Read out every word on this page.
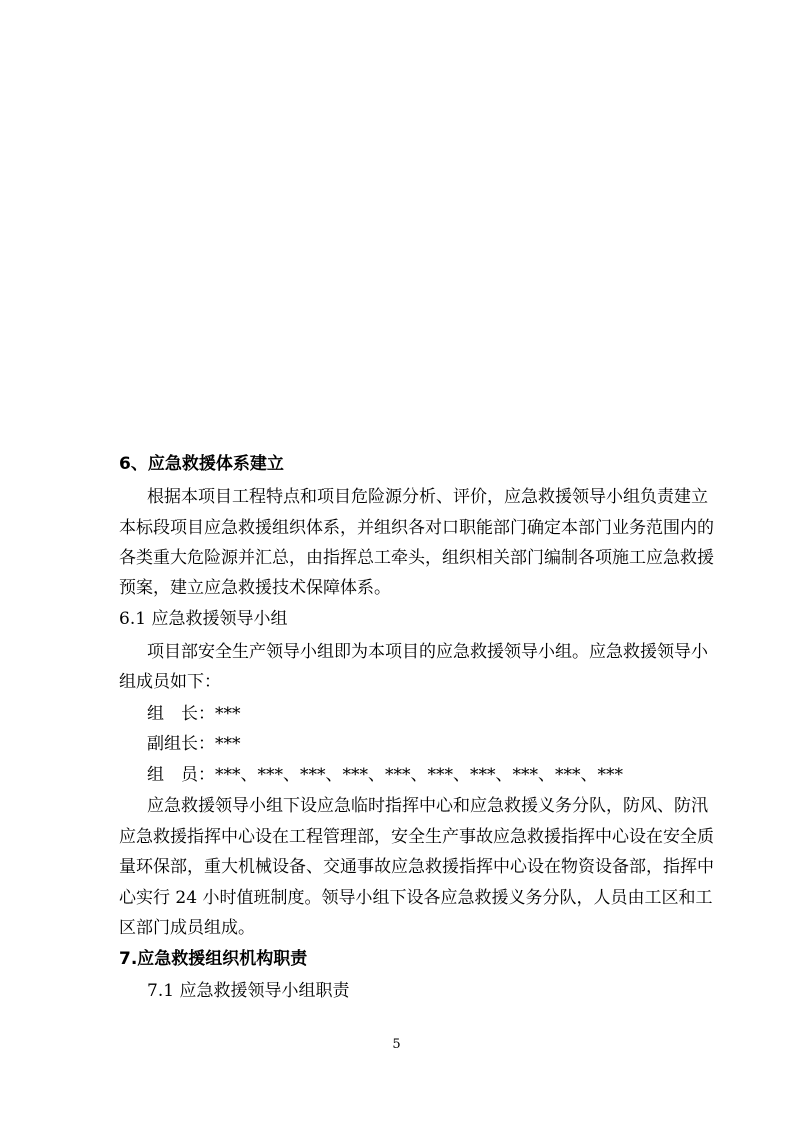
6、应急救援体系建立
根据本项目工程特点和项目危险源分析、评价，应急救援领导小组负责建立
本标段项目应急救援组织体系，并组织各对口职能部门确定本部门业务范围内的
各类重大危险源并汇总，由指挥总工牵头，组织相关部门编制各项施工应急救援
预案，建立应急救援技术保障体系。
6.1 应急救援领导小组
项目部安全生产领导小组即为本项目的应急救援领导小组。应急救援领导小
组成员如下：
组　长：***
副组长：***
组　员：***、***、***、***、***、***、***、***、***、***
应急救援领导小组下设应急临时指挥中心和应急救援义务分队，防风、防汛
应急救援指挥中心设在工程管理部，安全生产事故应急救援指挥中心设在安全质
量环保部，重大机械设备、交通事故应急救援指挥中心设在物资设备部，指挥中
心实行 24 小时值班制度。领导小组下设各应急救援义务分队，人员由工区和工
区部门成员组成。
7.应急救援组织机构职责
7.1 应急救援领导小组职责
5
